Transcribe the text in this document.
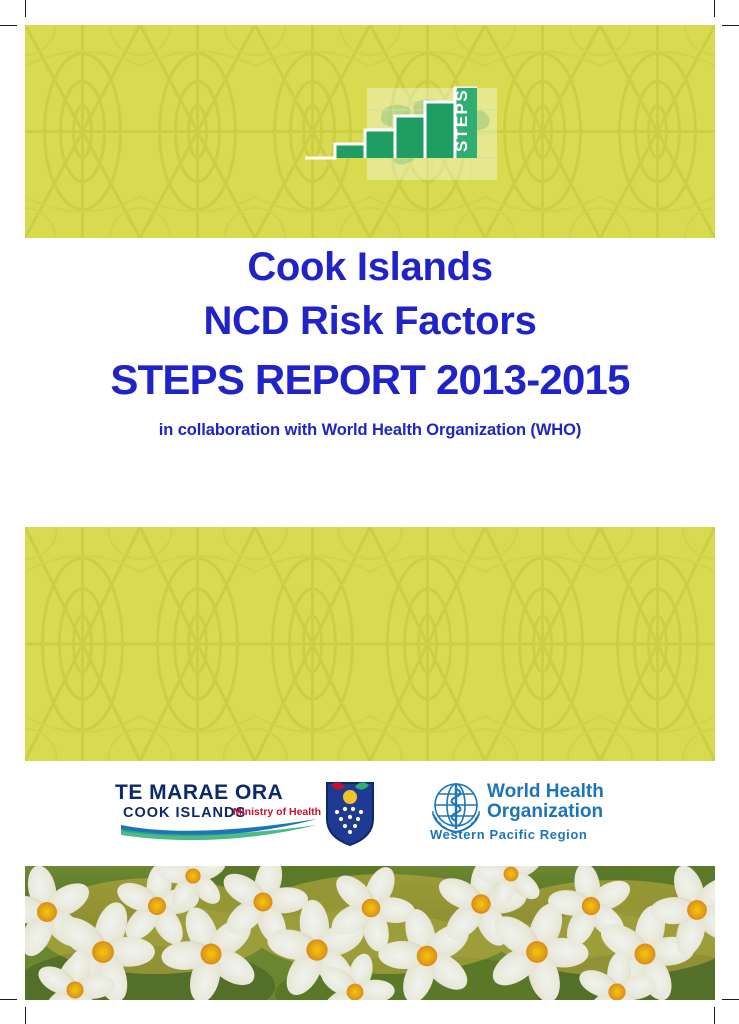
STEPS
Cook Islands
NCD Risk Factors
STEPS REPORT 2013-2015
in collaboration with World Health Organization (WHO)
TE MARAE ORA
COOK ISLANDS
Ministry of Health
World Health
Organization
Western Pacific Region
